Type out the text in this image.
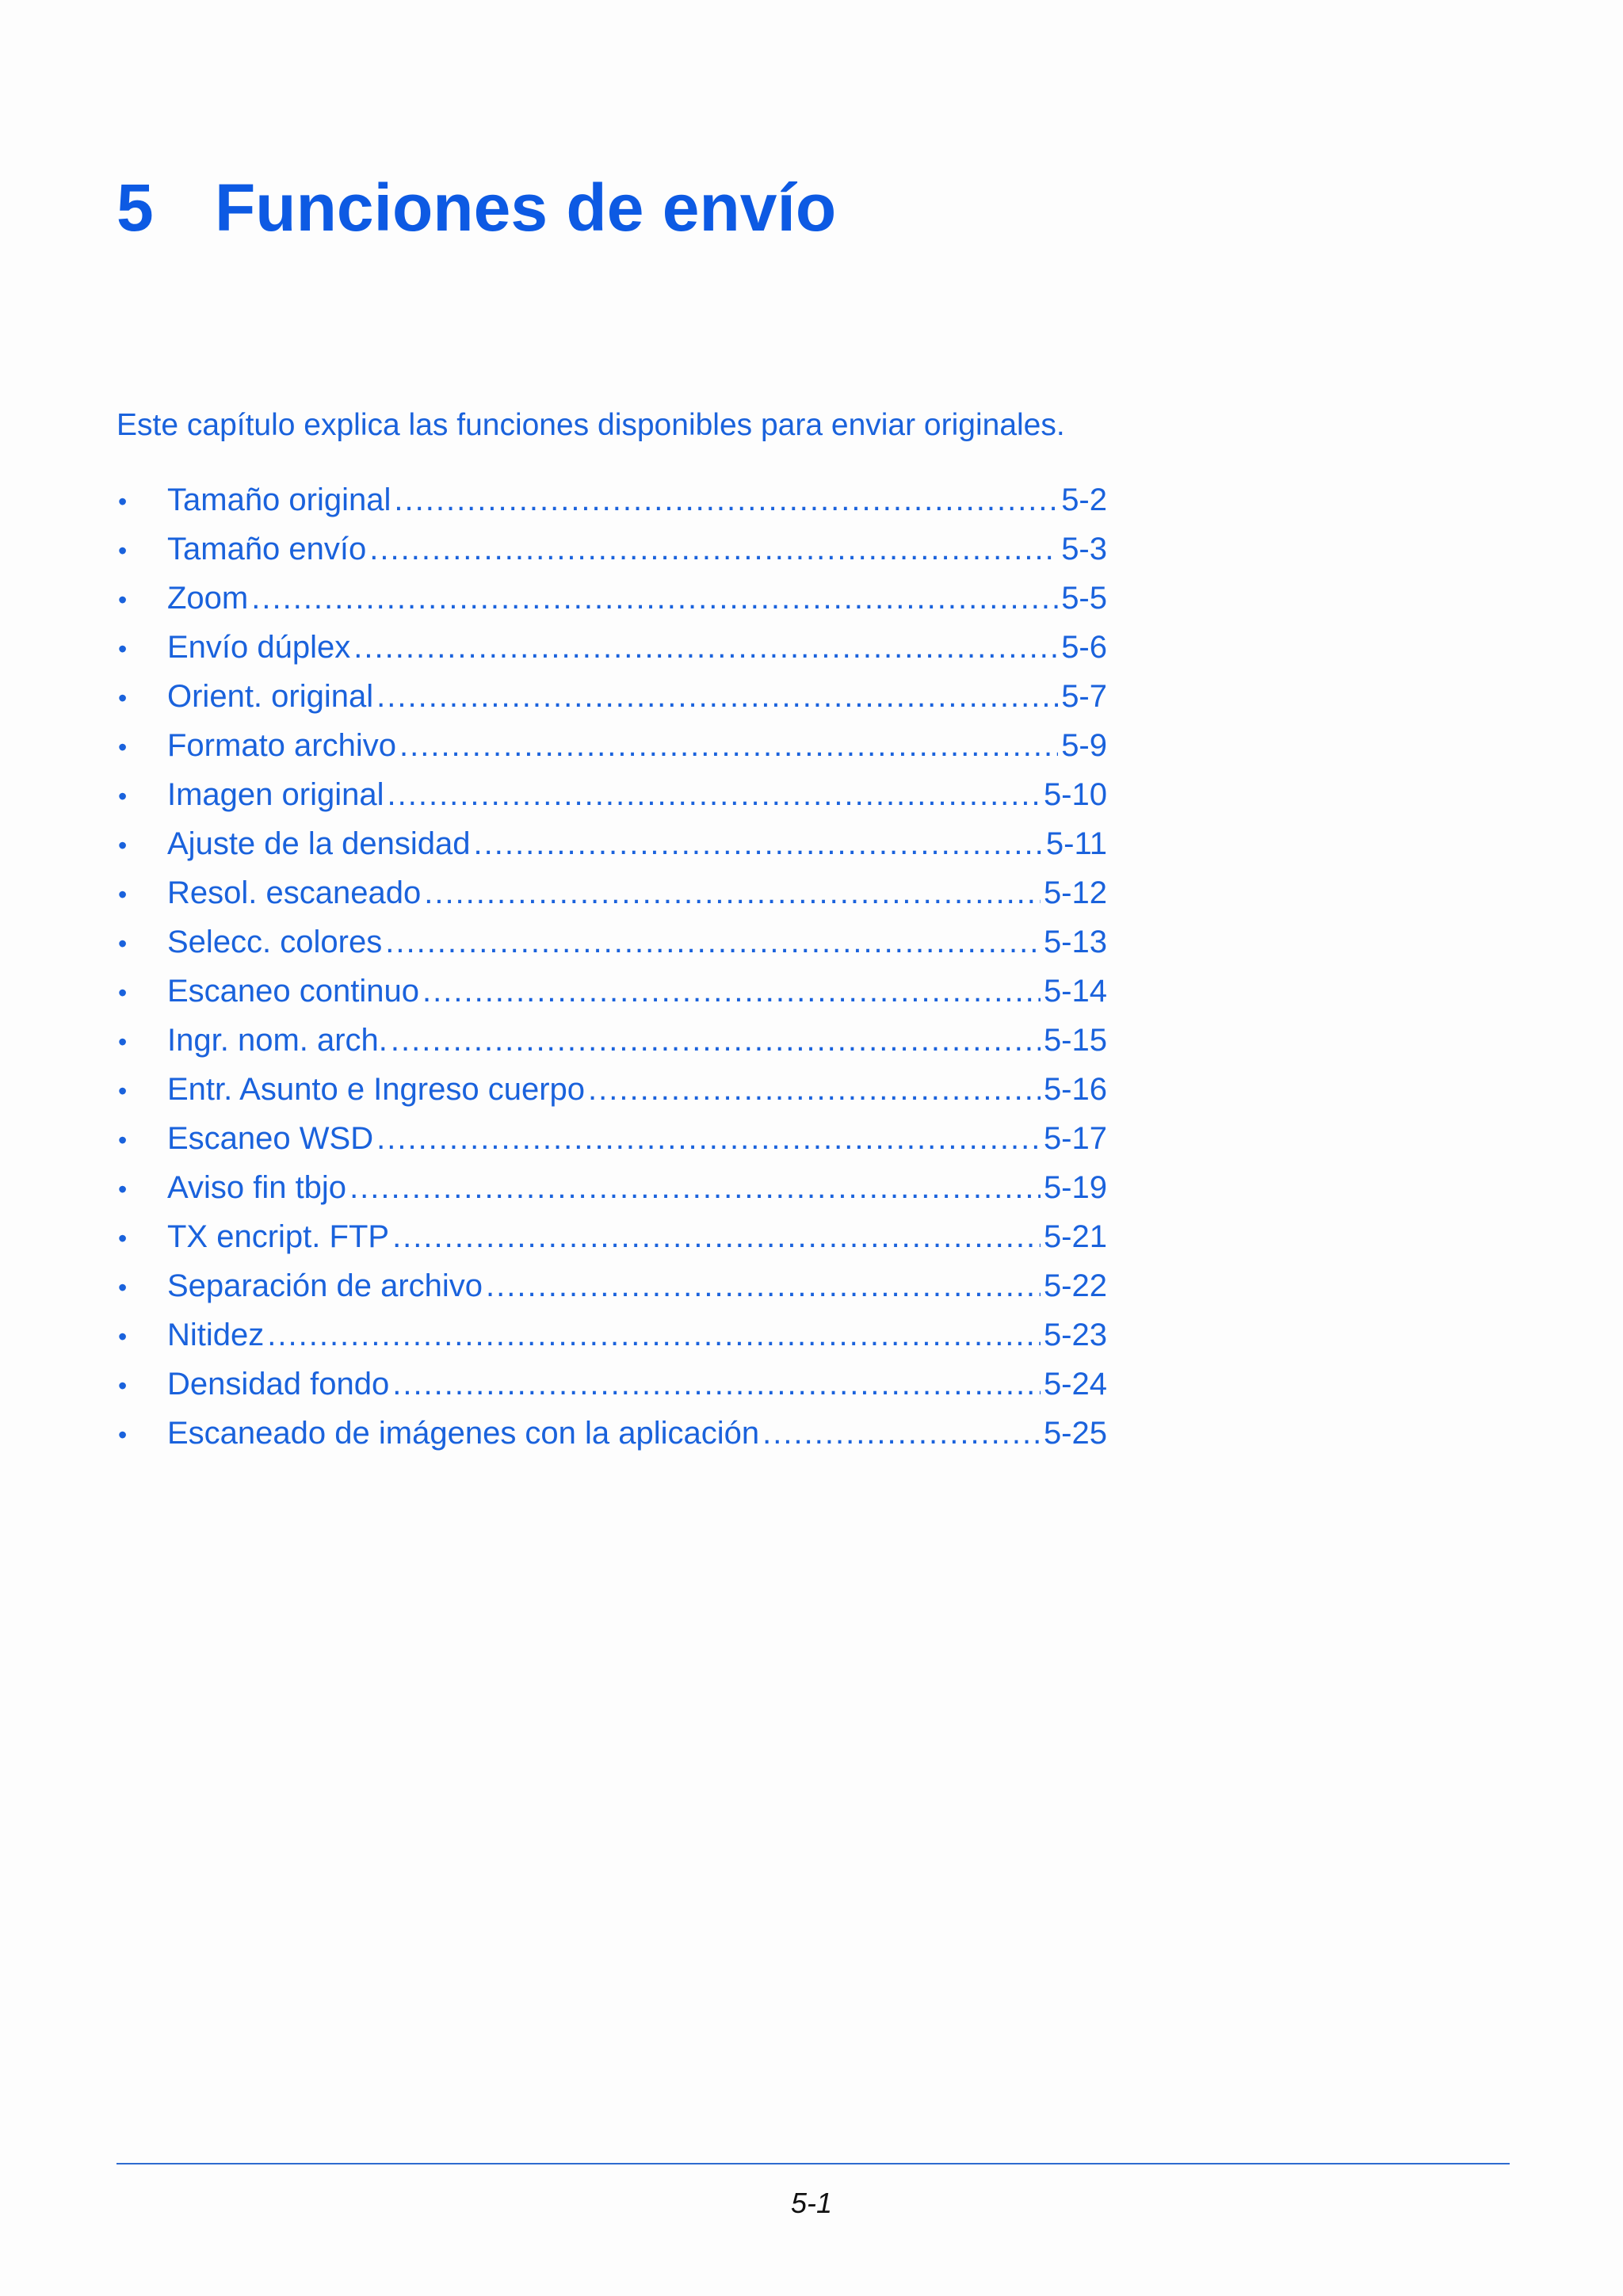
5 Funciones de envío

Este capítulo explica las funciones disponibles para enviar originales.

•	Tamaño original .....	5-2
•	Tamaño envío .....	5-3
•	Zoom .....	5-5
•	Envío dúplex .....	5-6
•	Orient. original .....	5-7
•	Formato archivo .....	5-9
•	Imagen original .....	5-10
•	Ajuste de la densidad .....	5-11
•	Resol. escaneado .....	5-12
•	Selecc. colores .....	5-13
•	Escaneo continuo .....	5-14
•	Ingr. nom. arch. .....	5-15
•	Entr. Asunto e Ingreso cuerpo .....	5-16
•	Escaneo WSD .....	5-17
•	Aviso fin tbjo .....	5-19
•	TX encript. FTP .....	5-21
•	Separación de archivo .....	5-22
•	Nitidez .....	5-23
•	Densidad fondo .....	5-24
•	Escaneado de imágenes con la aplicación .....	5-25
5-1
